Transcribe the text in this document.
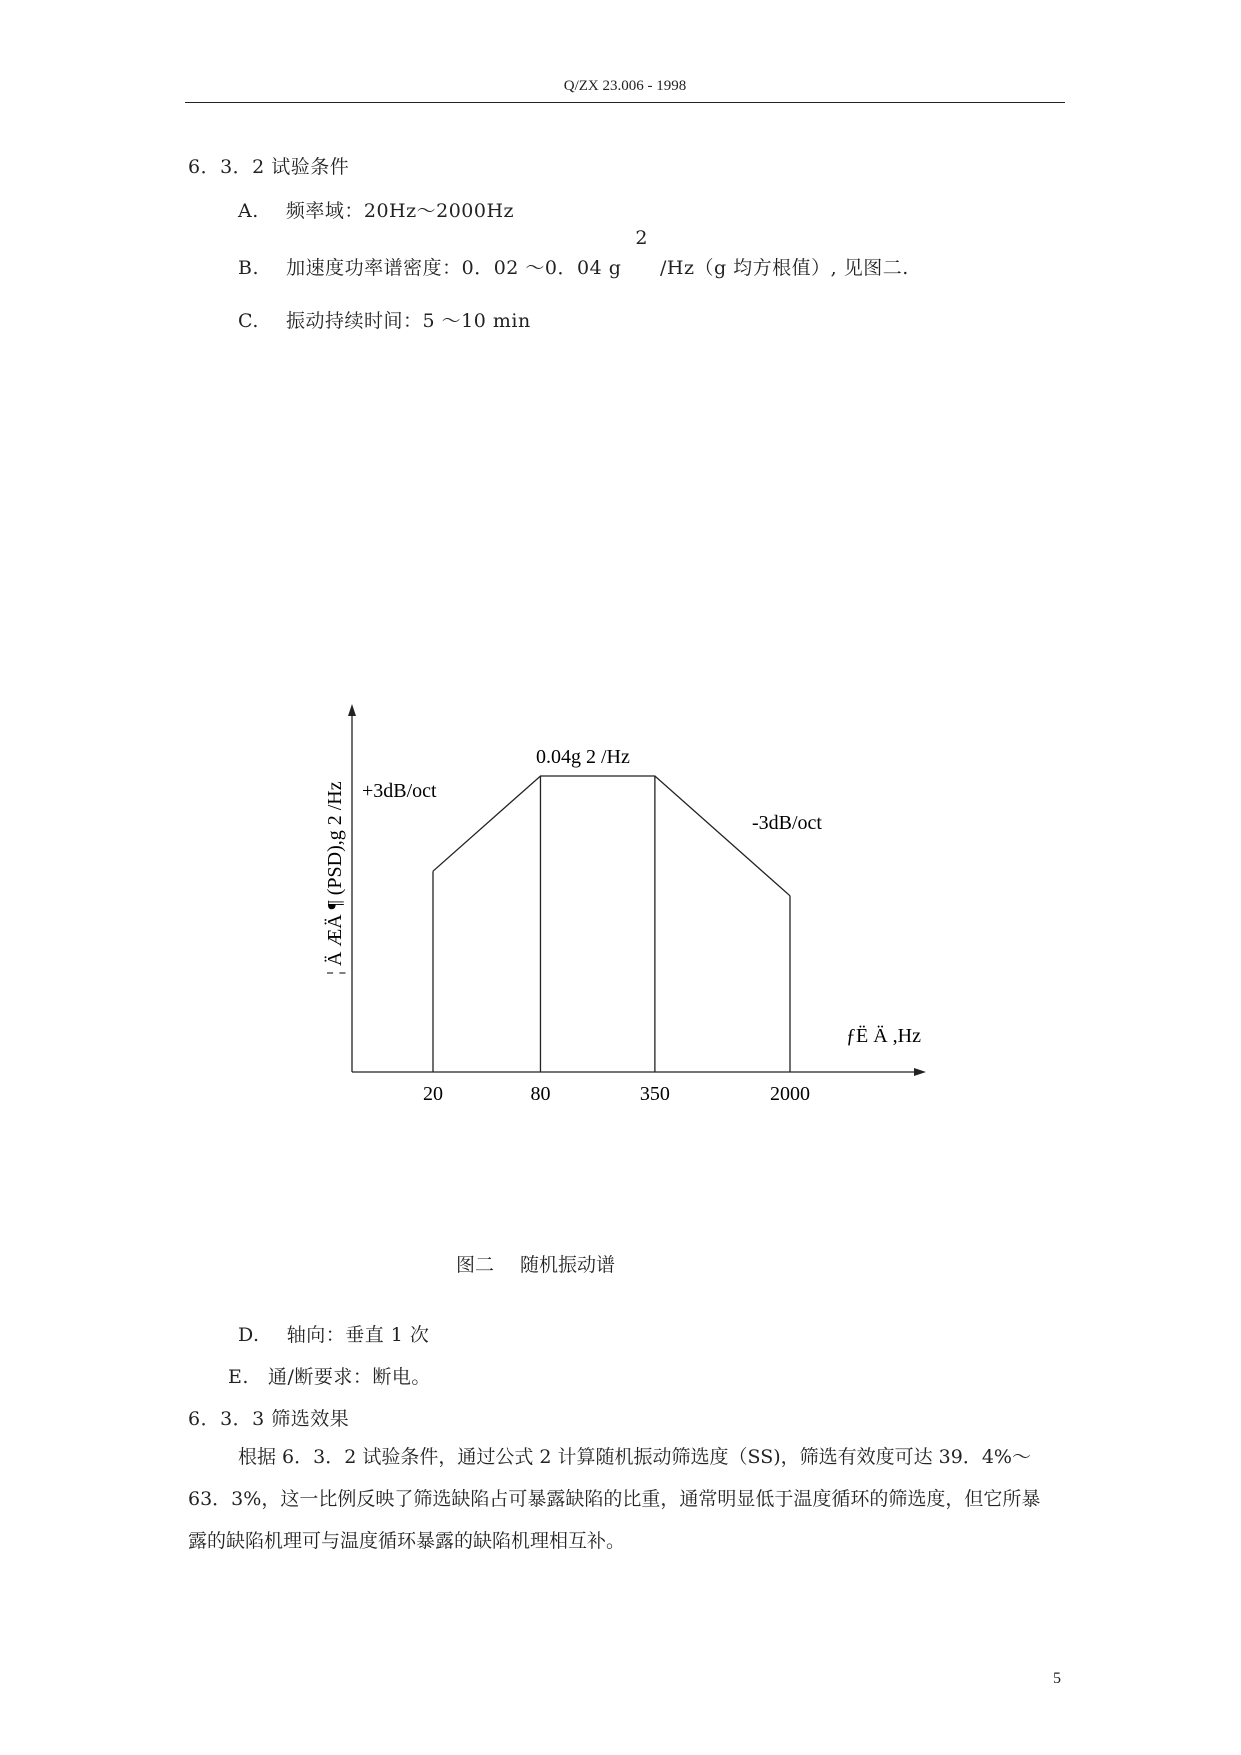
Q/ZX 23.006 - 1998
6．3．2 试验条件
A. 频率域：20Hz～2000Hz
B. 加速度功率谱密度：0．02 ～0．04 g2/Hz（g 均方根值）, 见图二.
C. 振动持续时间：5 ～10 min
20	80	350	2000
0.04g 2 /Hz
+3dB/oct
-3dB/oct
ƒЁ Ä ,Hz
¦ Ä ÆÄ ¶ (PSD),g 2 /Hz
图二 随机振动谱
D. 轴向：垂直 1 次
E. 通/断要求：断电。
6．3．3 筛选效果
根据 6．3．2 试验条件，通过公式 2 计算随机振动筛选度（SS)，筛选有效度可达 39．4%～63．3%，这一比例反映了筛选缺陷占可暴露缺陷的比重，通常明显低于温度循环的筛选度，但它所暴露的缺陷机理可与温度循环暴露的缺陷机理相互补。
5
